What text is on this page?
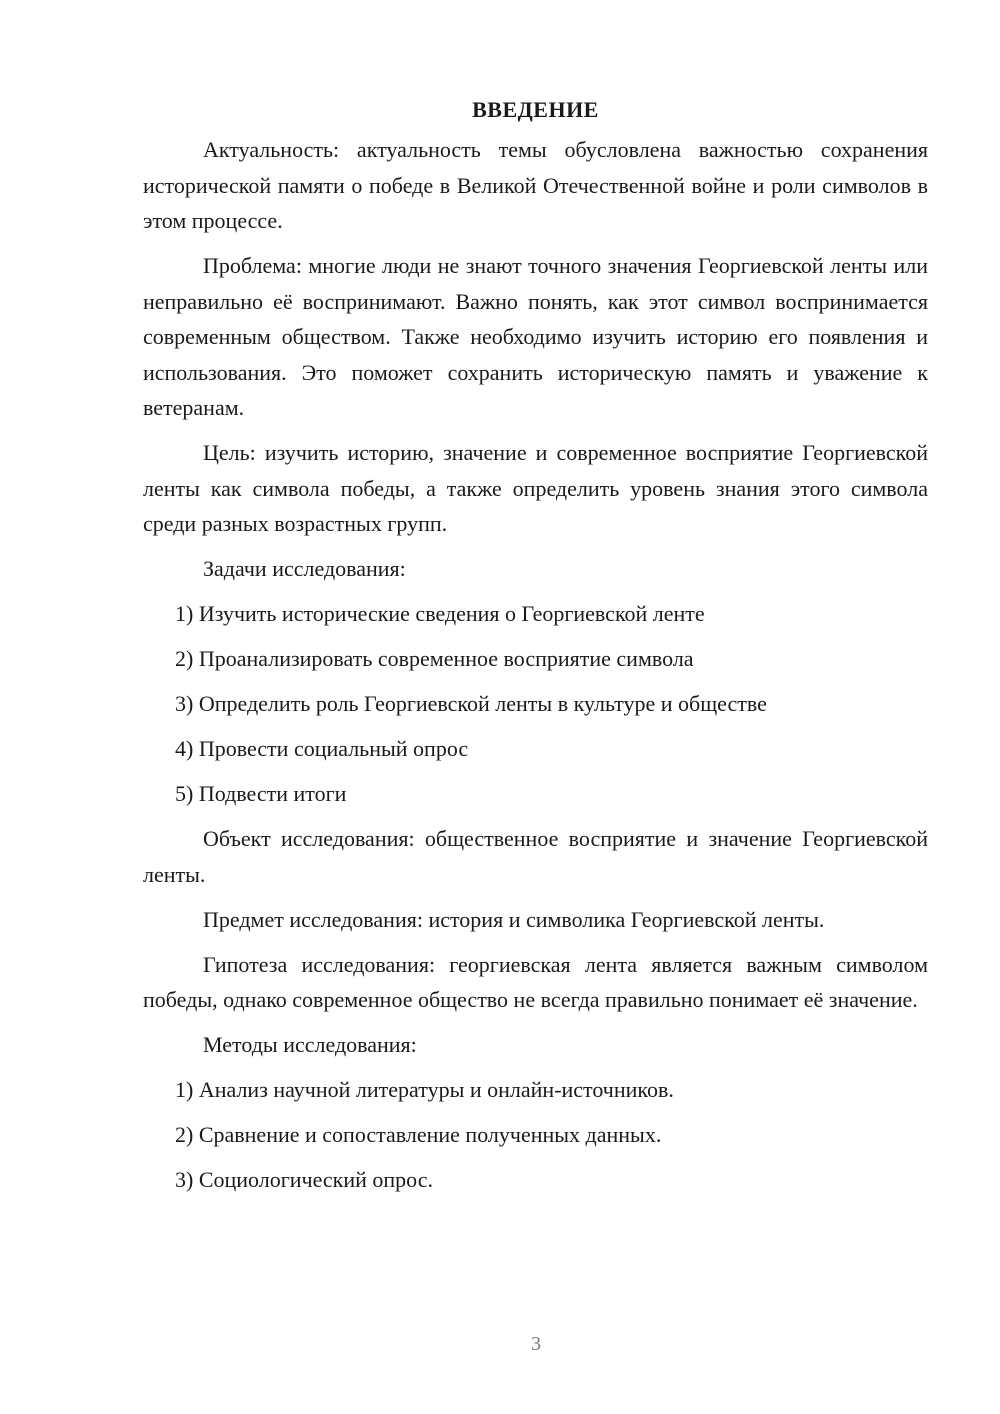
ВВЕДЕНИЕ

Актуальность: актуальность темы обусловлена важностью сохранения исторической памяти о победе в Великой Отечественной войне и роли символов в этом процессе.

Проблема: многие люди не знают точного значения Георгиевской ленты или неправильно её воспринимают. Важно понять, как этот символ воспринимается современным обществом. Также необходимо изучить историю его появления и использования. Это поможет сохранить историческую память и уважение к ветеранам.

Цель: изучить историю, значение и современное восприятие Георгиевской ленты как символа победы, а также определить уровень знания этого символа среди разных возрастных групп.

Задачи исследования:

1) Изучить исторические сведения о Георгиевской ленте
2) Проанализировать современное восприятие символа
3) Определить роль Георгиевской ленты в культуре и обществе
4) Провести социальный опрос
5) Подвести итоги

Объект исследования: общественное восприятие и значение Георгиевской ленты.

Предмет исследования: история и символика Георгиевской ленты.

Гипотеза исследования: георгиевская лента является важным символом победы, однако современное общество не всегда правильно понимает её значение.

Методы исследования:

1) Анализ научной литературы и онлайн-источников.
2) Сравнение и сопоставление полученных данных.
3) Социологический опрос.
3
